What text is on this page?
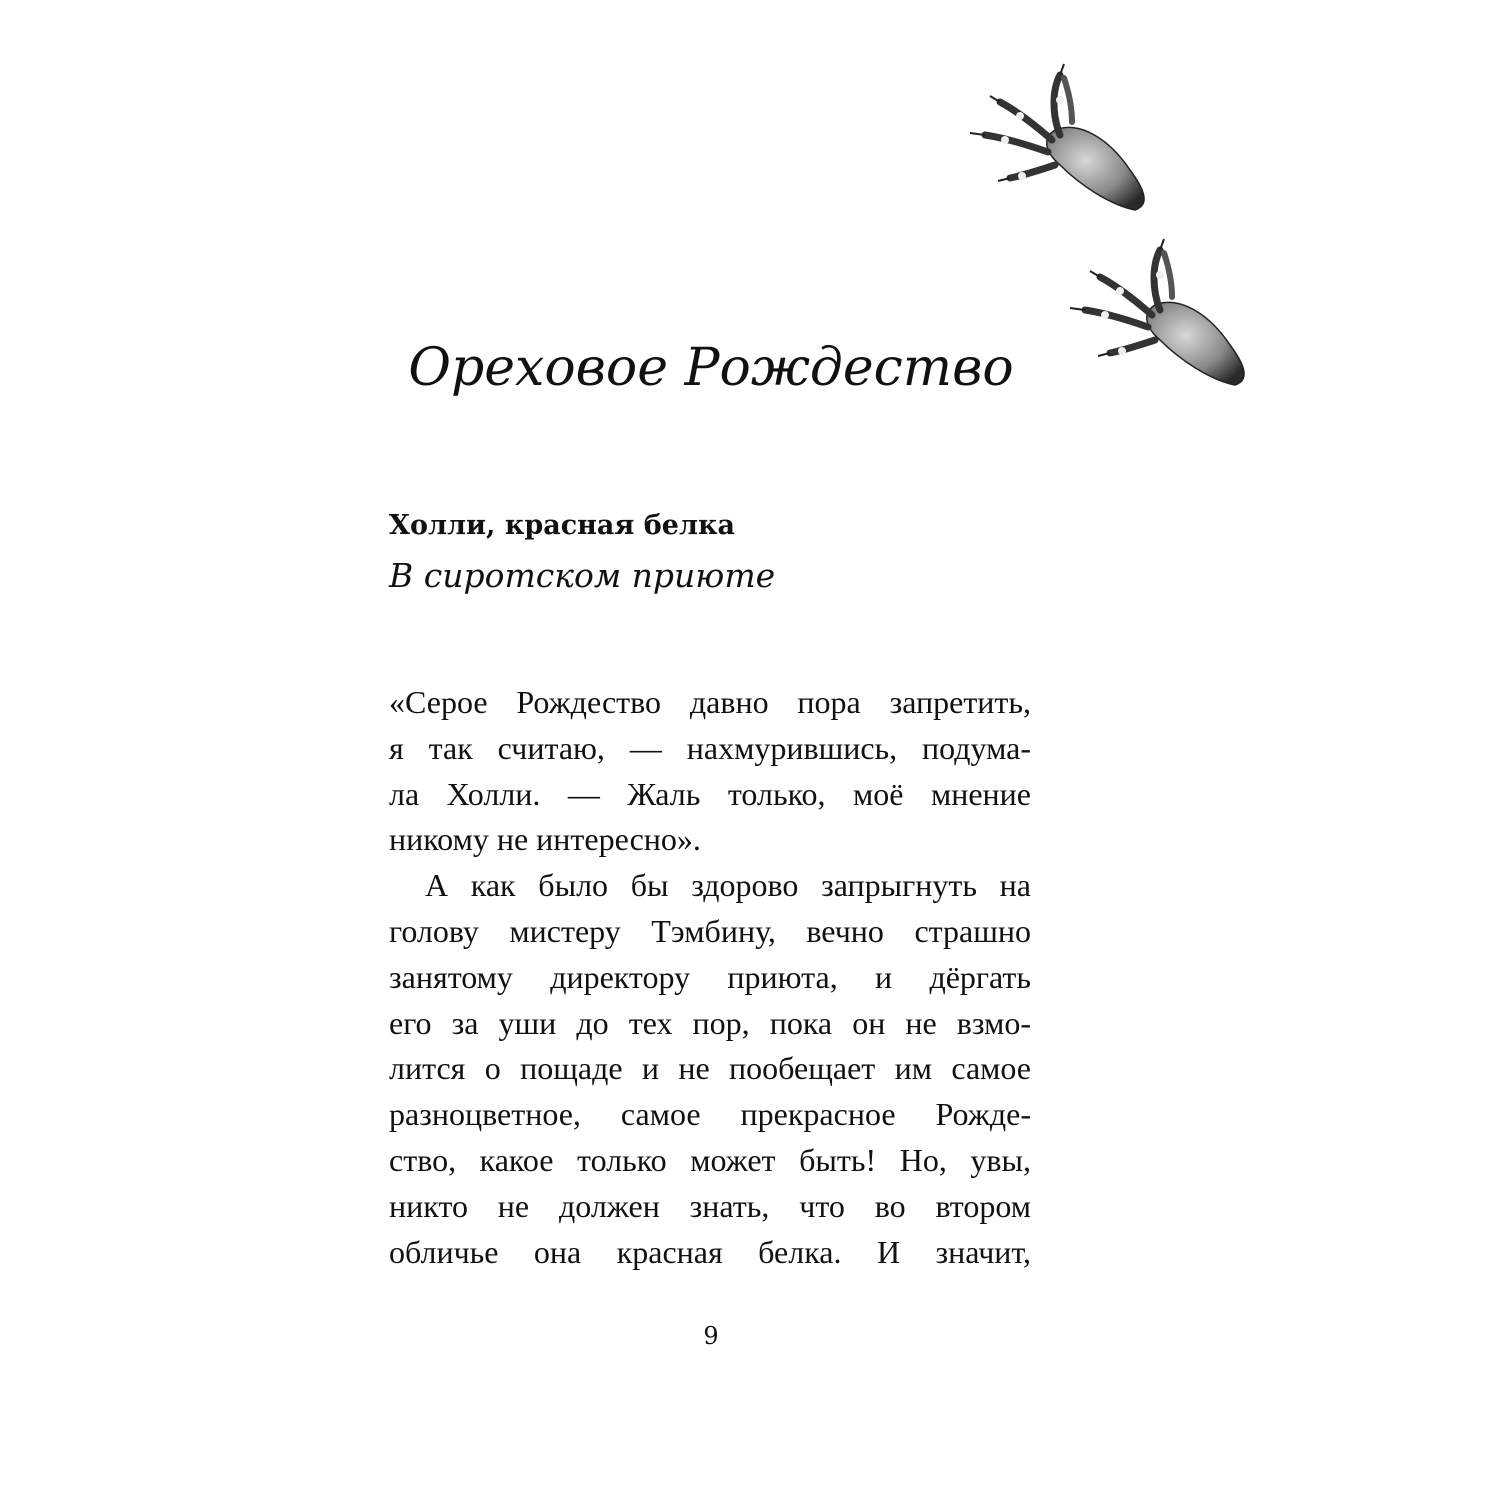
Ореховое Рождество
Холли, красная белка
В сиротском приюте
«Серое Рождество давно пора запретить,
я так считаю, — нахмурившись, подума-
ла Холли. — Жаль только, моё мнение
никому не интересно».
А как было бы здорово запрыгнуть на
голову мистеру Тэмбину, вечно страшно
занятому директору приюта, и дёргать
его за уши до тех пор, пока он не взмо-
лится о пощаде и не пообещает им самое
разноцветное, самое прекрасное Рожде-
ство, какое только может быть! Но, увы,
никто не должен знать, что во втором
обличье она красная белка. И значит,
9
